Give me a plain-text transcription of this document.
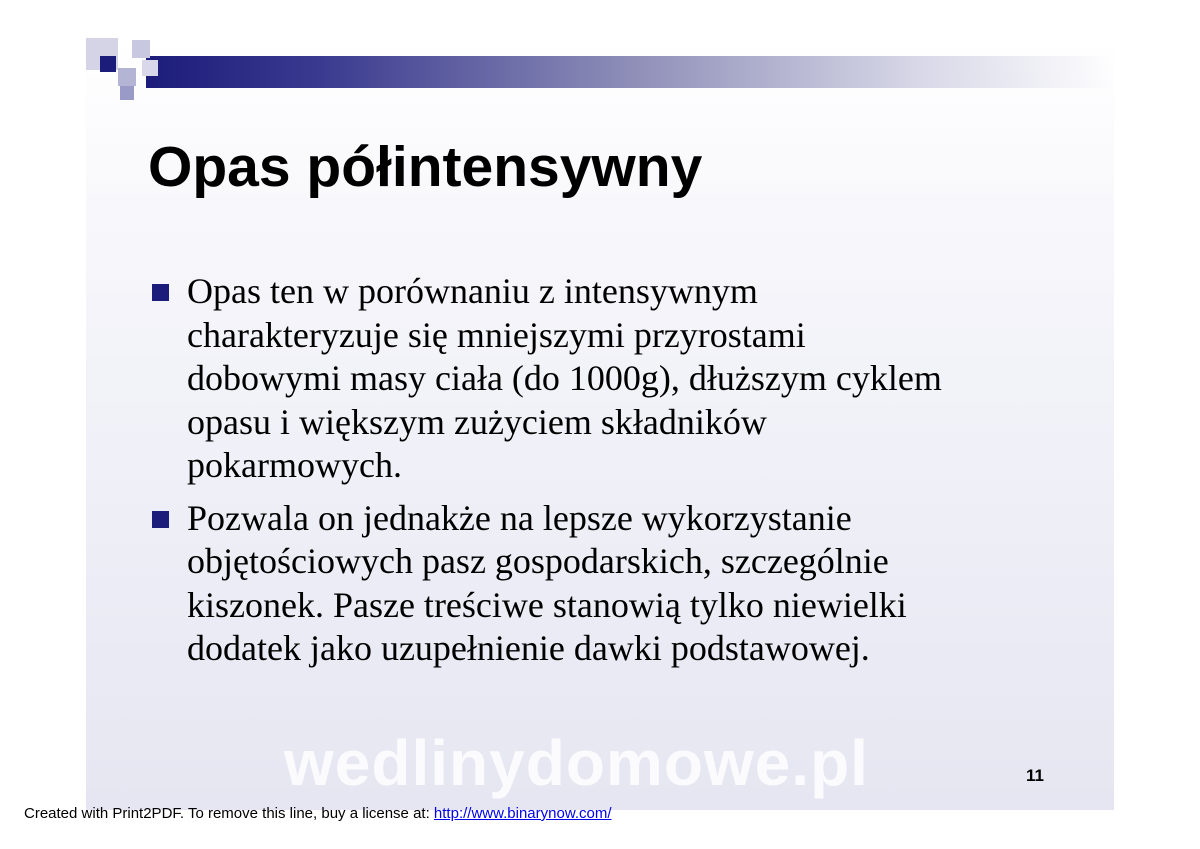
Opas półintensywny
Opas ten w porównaniu z intensywnym
charakteryzuje się mniejszymi przyrostami
dobowymi masy ciała (do 1000g), dłuższym cyklem
opasu i większym zużyciem składników
pokarmowych.
Pozwala on jednakże na lepsze wykorzystanie
objętościowych pasz gospodarskich, szczególnie
kiszonek. Pasze treściwe stanowią tylko niewielki
dodatek jako uzupełnienie dawki podstawowej.
wedlinydomowe.pl	11
Created with Print2PDF. To remove this line, buy a license at: http://www.binarynow.com/
